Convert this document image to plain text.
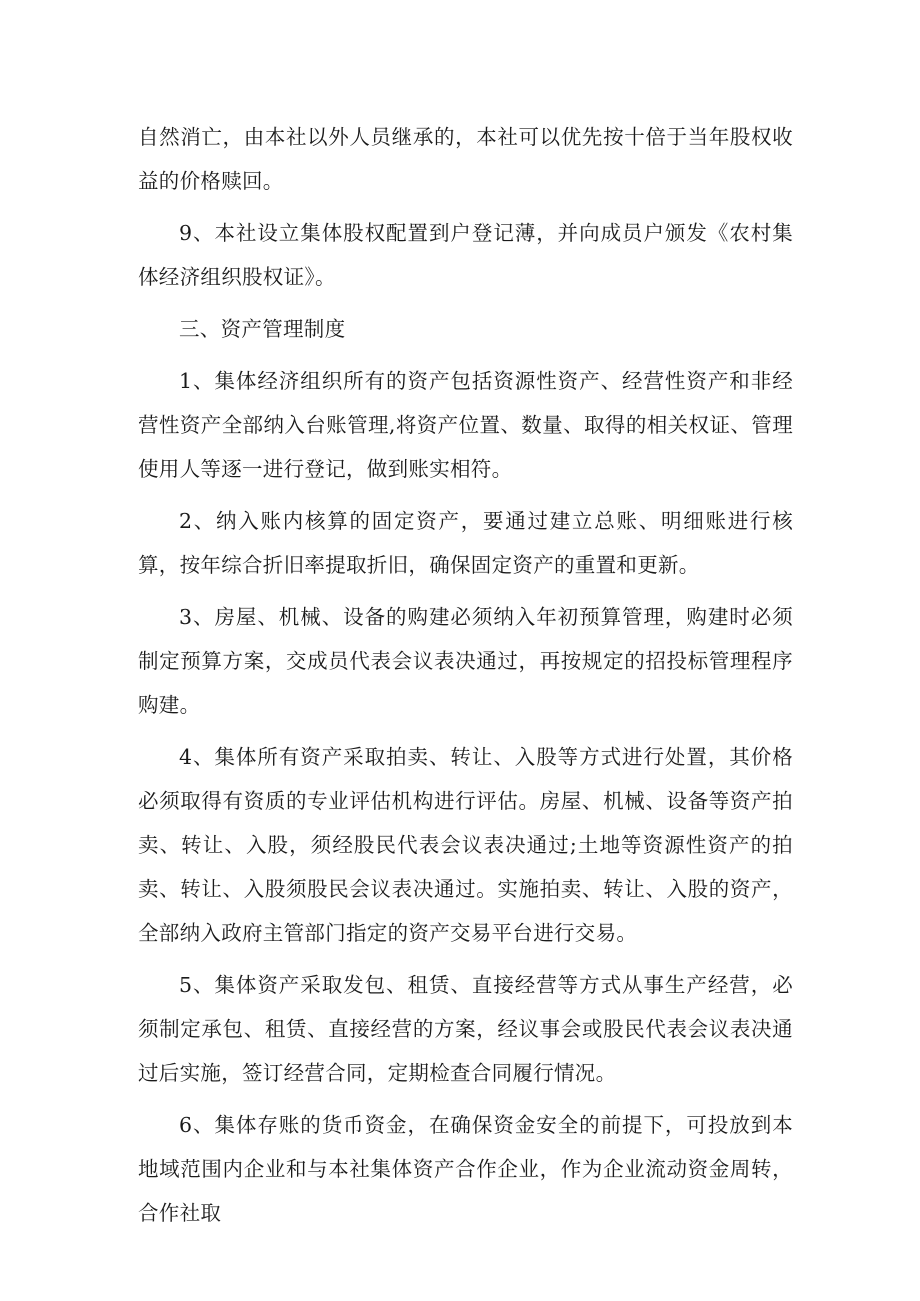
自然消亡，由本社以外人员继承的，本社可以优先按十倍于当年股权收益的价格赎回。

9、本社设立集体股权配置到户登记薄，并向成员户颁发《农村集体经济组织股权证》。

三、资产管理制度

1、集体经济组织所有的资产包括资源性资产、经营性资产和非经营性资产全部纳入台账管理,将资产位置、数量、取得的相关权证、管理使用人等逐一进行登记，做到账实相符。

2、纳入账内核算的固定资产，要通过建立总账、明细账进行核算，按年综合折旧率提取折旧，确保固定资产的重置和更新。

3、房屋、机械、设备的购建必须纳入年初预算管理，购建时必须制定预算方案，交成员代表会议表决通过，再按规定的招投标管理程序购建。

4、集体所有资产采取拍卖、转让、入股等方式进行处置，其价格必须取得有资质的专业评估机构进行评估。房屋、机械、设备等资产拍卖、转让、入股，须经股民代表会议表决通过;土地等资源性资产的拍卖、转让、入股须股民会议表决通过。实施拍卖、转让、入股的资产，全部纳入政府主管部门指定的资产交易平台进行交易。

5、集体资产采取发包、租赁、直接经营等方式从事生产经营，必须制定承包、租赁、直接经营的方案，经议事会或股民代表会议表决通过后实施，签订经营合同，定期检查合同履行情况。

6、集体存账的货币资金，在确保资金安全的前提下，可投放到本地域范围内企业和与本社集体资产合作企业，作为企业流动资金周转，合作社取
